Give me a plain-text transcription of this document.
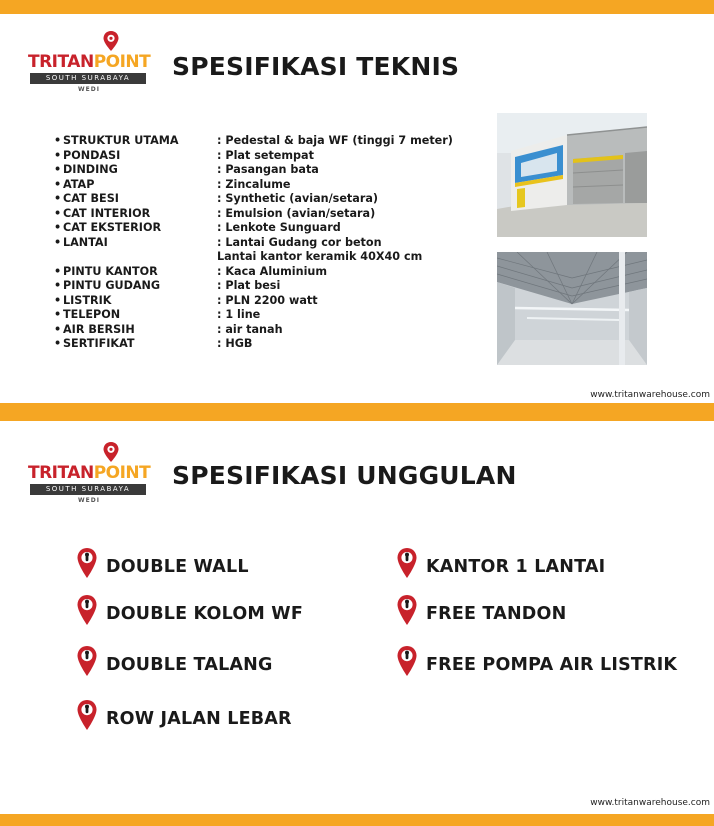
TRITANPOINT
SOUTH SURABAYA
WEDI
SPESIFIKASI TEKNIS
• STRUKTUR UTAMA	: Pedestal & baja WF (tinggi 7 meter)
• PONDASI	: Plat setempat
• DINDING	: Pasangan bata
• ATAP	: Zincalume
• CAT BESI	: Synthetic (avian/setara)
• CAT INTERIOR	: Emulsion (avian/setara)
• CAT EKSTERIOR	: Lenkote Sunguard
• LANTAI	: Lantai Gudang cor beton
Lantai kantor keramik 40X40 cm
• PINTU KANTOR	: Kaca Aluminium
• PINTU GUDANG	: Plat besi
• LISTRIK	: PLN 2200 watt
• TELEPON	: 1 line
• AIR BERSIH	: air tanah
• SERTIFIKAT	: HGB
www.tritanwarehouse.com
TRITANPOINT
SOUTH SURABAYA
WEDI
SPESIFIKASI UNGGULAN
DOUBLE WALL
DOUBLE KOLOM WF
DOUBLE TALANG
ROW JALAN LEBAR
KANTOR 1 LANTAI
FREE TANDON
FREE POMPA AIR LISTRIK
www.tritanwarehouse.com
